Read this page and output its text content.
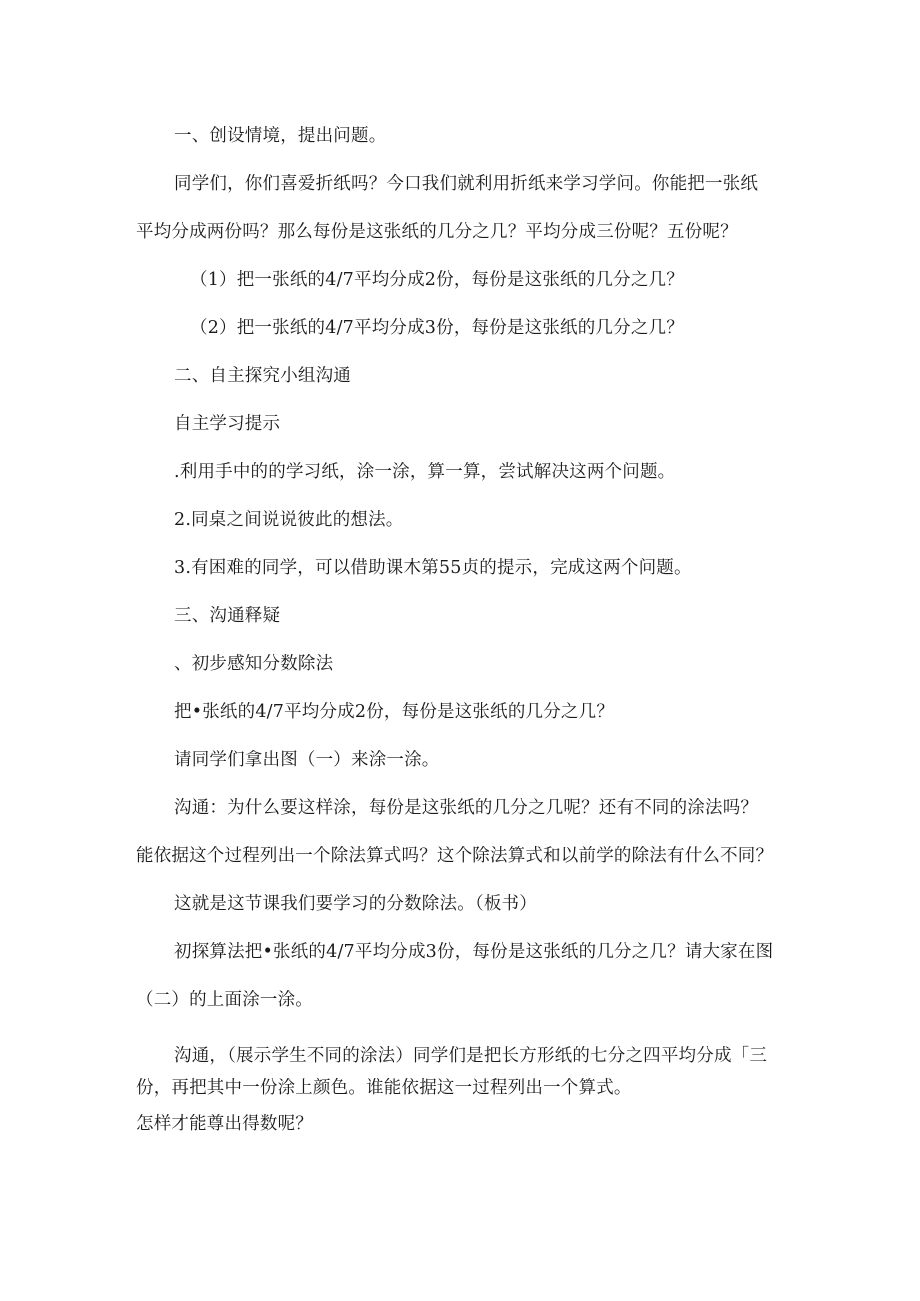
一、创设情境，提出问题。
同学们，你们喜爱折纸吗？今口我们就利用折纸来学习学问。你能把一张纸
平均分成两份吗？那么每份是这张纸的几分之几？平均分成三份呢？五份呢？
（1）把一张纸的4/7平均分成2份，每份是这张纸的几分之几？
（2）把一张纸的4/7平均分成3份，每份是这张纸的几分之几？
二、自主探究小组沟通
自主学习提示
.利用手中的的学习纸，涂一涂，算一算，尝试解决这两个问题。
2.同桌之间说说彼此的想法。
3.有困难的同学，可以借助课木第55贞的提示，完成这两个问题。
三、沟通释疑
、初步感知分数除法
把•张纸的4/7平均分成2份，每份是这张纸的几分之几？
请同学们拿出图（一）来涂一涂。
沟通：为什么要这样涂，每份是这张纸的几分之几呢？还有不同的涂法吗？
能依据这个过程列出一个除法算式吗？这个除法算式和以前学的除法有什么不同？
这就是这节课我们要学习的分数除法。（板书）
初探算法把•张纸的4/7平均分成3份，每份是这张纸的几分之几？请大家在图
（二）的上面涂一涂。
沟通，（展示学生不同的涂法）同学们是把长方形纸的七分之四平均分成「三
份，再把其中一份涂上颜色。谁能依据这一过程列出一个算式。
怎样才能尊出得数呢？
